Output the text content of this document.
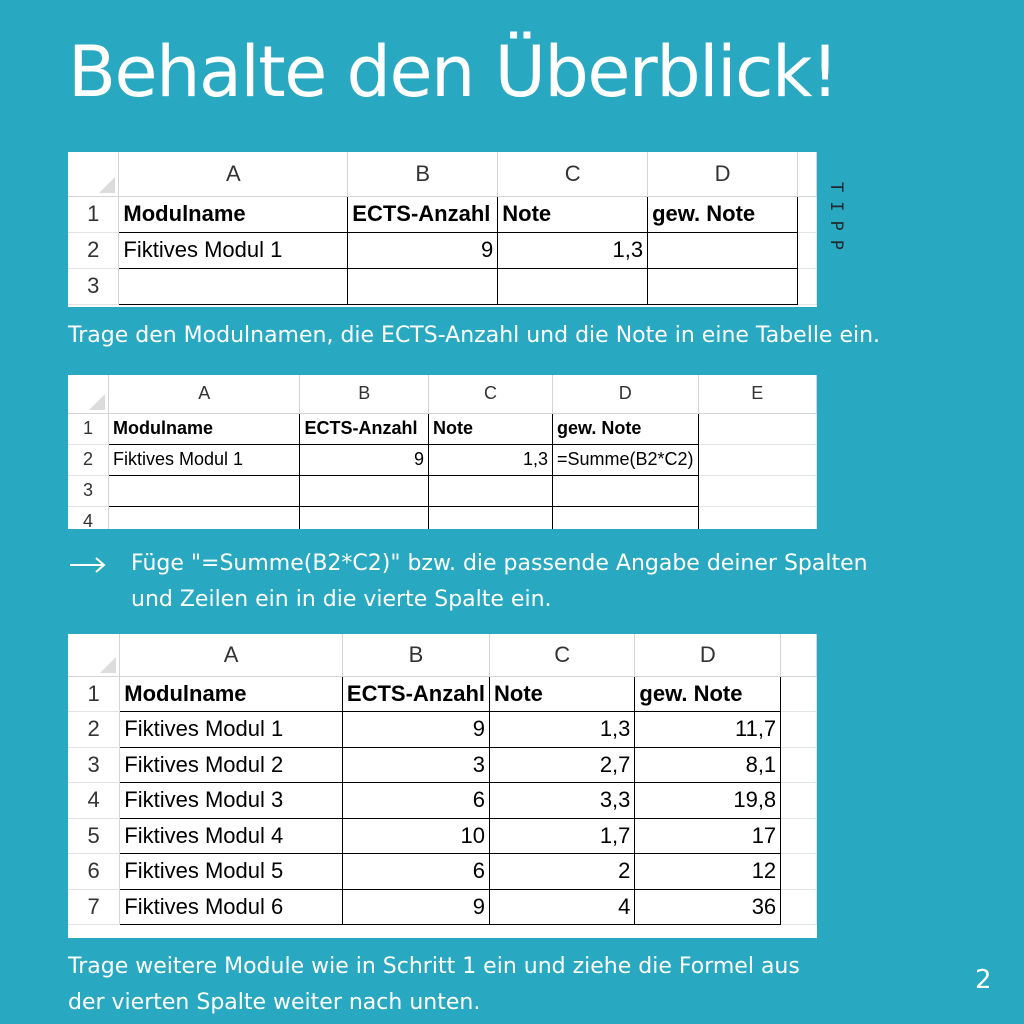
Behalte den Überblick!
TIPP
	A	B	C	D	
1	Modulname	ECTS-Anzahl	Note	gew. Note	
2	Fiktives Modul 1	9	1,3		
3					
Trage den Modulnamen, die ECTS-Anzahl und die Note in eine Tabelle ein.
	A	B	C	D	E
1	Modulname	ECTS-Anzahl	Note	gew. Note	
2	Fiktives Modul 1	9	1,3	=Summe(B2*C2)	
3					
4					
Füge "=Summe(B2*C2)" bzw. die passende Angabe deiner Spalten
und Zeilen ein in die vierte Spalte ein.
	A	B	C	D	
1	Modulname	ECTS-Anzahl	Note	gew. Note	
2	Fiktives Modul 1	9	1,3	11,7	
3	Fiktives Modul 2	3	2,7	8,1	
4	Fiktives Modul 3	6	3,3	19,8	
5	Fiktives Modul 4	10	1,7	17	
6	Fiktives Modul 5	6	2	12	
7	Fiktives Modul 6	9	4	36	
Trage weitere Module wie in Schritt 1 ein und ziehe die Formel aus
der vierten Spalte weiter nach unten.
2
